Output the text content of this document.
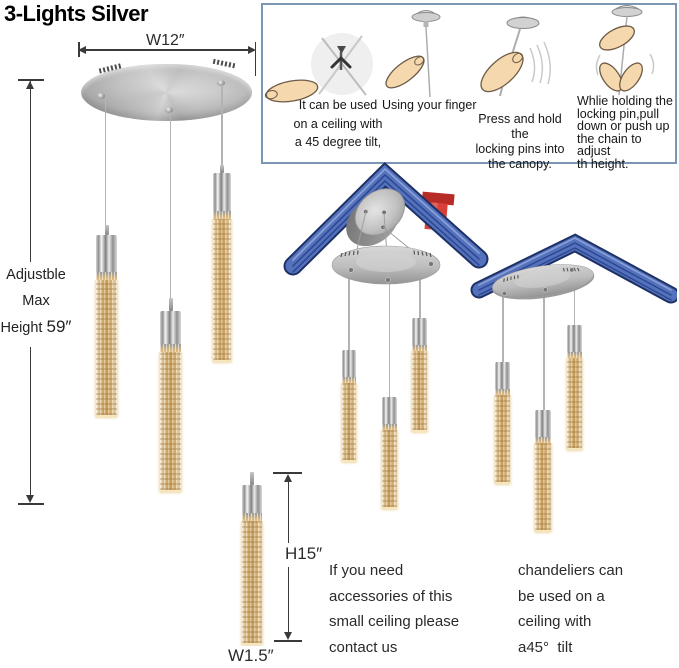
3-Lights Silver
W12″
Adjustble Max Height 59″
It can be used
on a ceiling with
a 45 degree tilt,
Using your finger
Press and hold the
locking pins into
the canopy.
Whlie holding the
locking pin,pull
down or push up
the chain to adjust
th height.
H15″
W1.5″
If you need
accessories of this
small ceiling please
contact us
chandeliers can
be used on a
ceiling with
a45°  tilt
